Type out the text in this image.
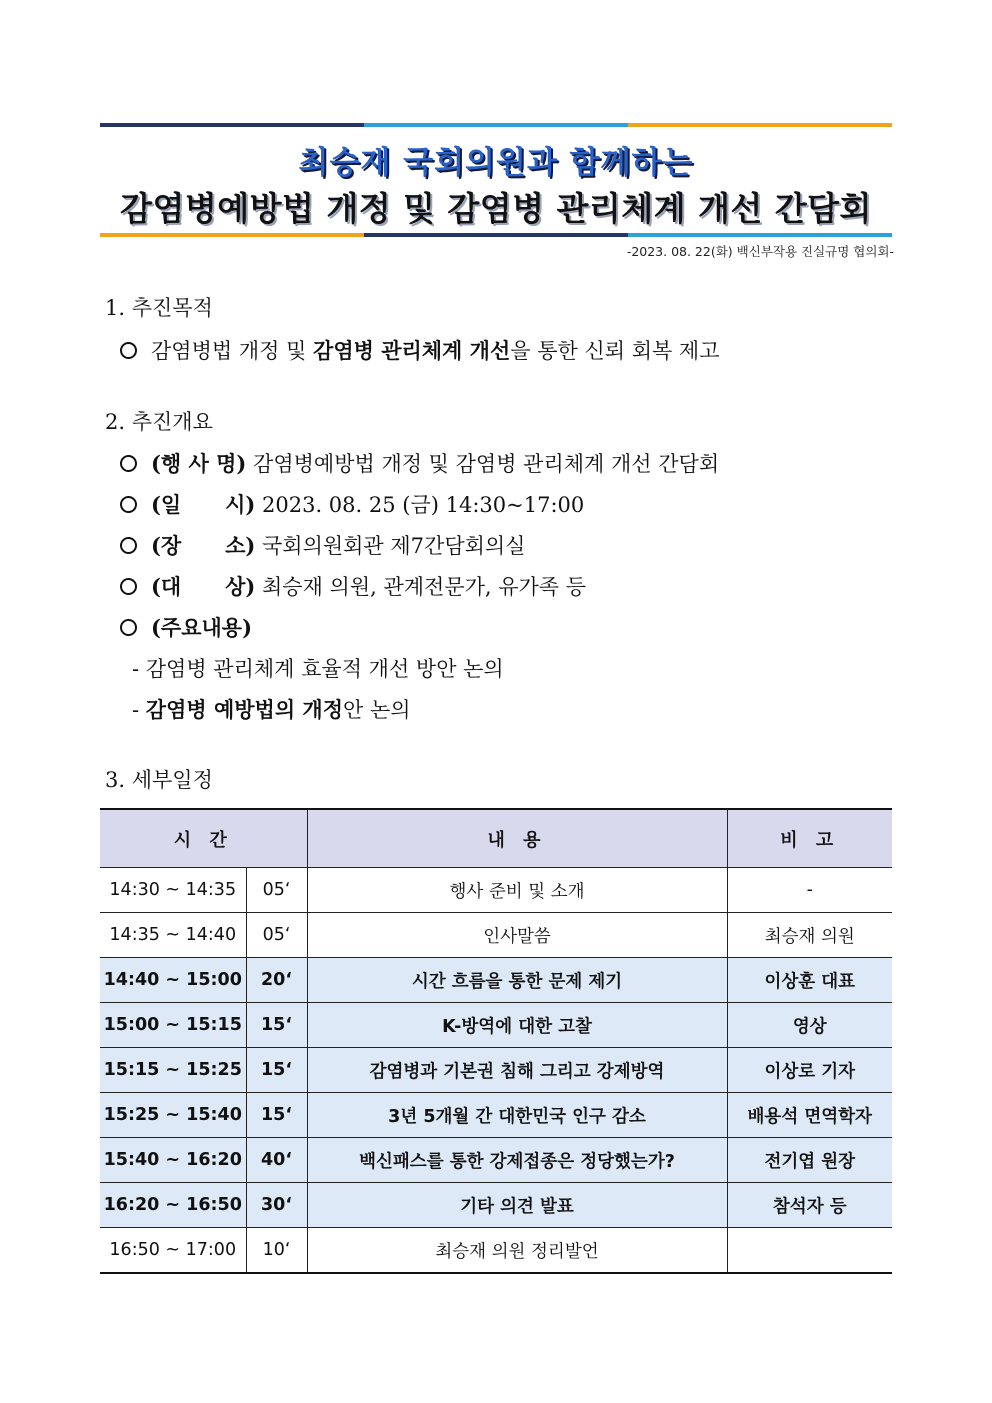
최승재 국회의원과 함께하는
감염병예방법 개정 및 감염병 관리체계 개선 간담회
-2023. 08. 22(화) 백신부작용 진실규명 협의회-
1. 추진목적
감염병법 개정 및 감염병 관리체계 개선을 통한 신뢰 회복 제고
2. 추진개요
(행 사 명) 감염병예방법 개정 및 감염병 관리체계 개선 간담회
(일      시) 2023. 08. 25 (금) 14:30~17:00
(장      소) 국회의원회관 제7간담회의실
(대      상) 최승재 의원, 관계전문가, 유가족 등
(주요내용)
- 감염병 관리체계 효율적 개선 방안 논의
- 감염병 예방법의 개정안 논의
3. 세부일정
시 간		내 용	비 고
14:30 ~ 14:35	05‘	행사 준비 및 소개	-
14:35 ~ 14:40	05‘	인사말씀	최승재 의원
14:40 ~ 15:00	20‘	시간 흐름을 통한 문제 제기	이상훈 대표
15:00 ~ 15:15	15‘	K-방역에 대한 고찰	영상
15:15 ~ 15:25	15‘	감염병과 기본권 침해 그리고 강제방역	이상로 기자
15:25 ~ 15:40	15‘	3년 5개월 간 대한민국 인구 감소	배용석 면역학자
15:40 ~ 16:20	40‘	백신패스를 통한 강제접종은 정당했는가?	전기엽 원장
16:20 ~ 16:50	30‘	기타 의견 발표	참석자 등
16:50 ~ 17:00	10‘	최승재 의원 정리발언	
